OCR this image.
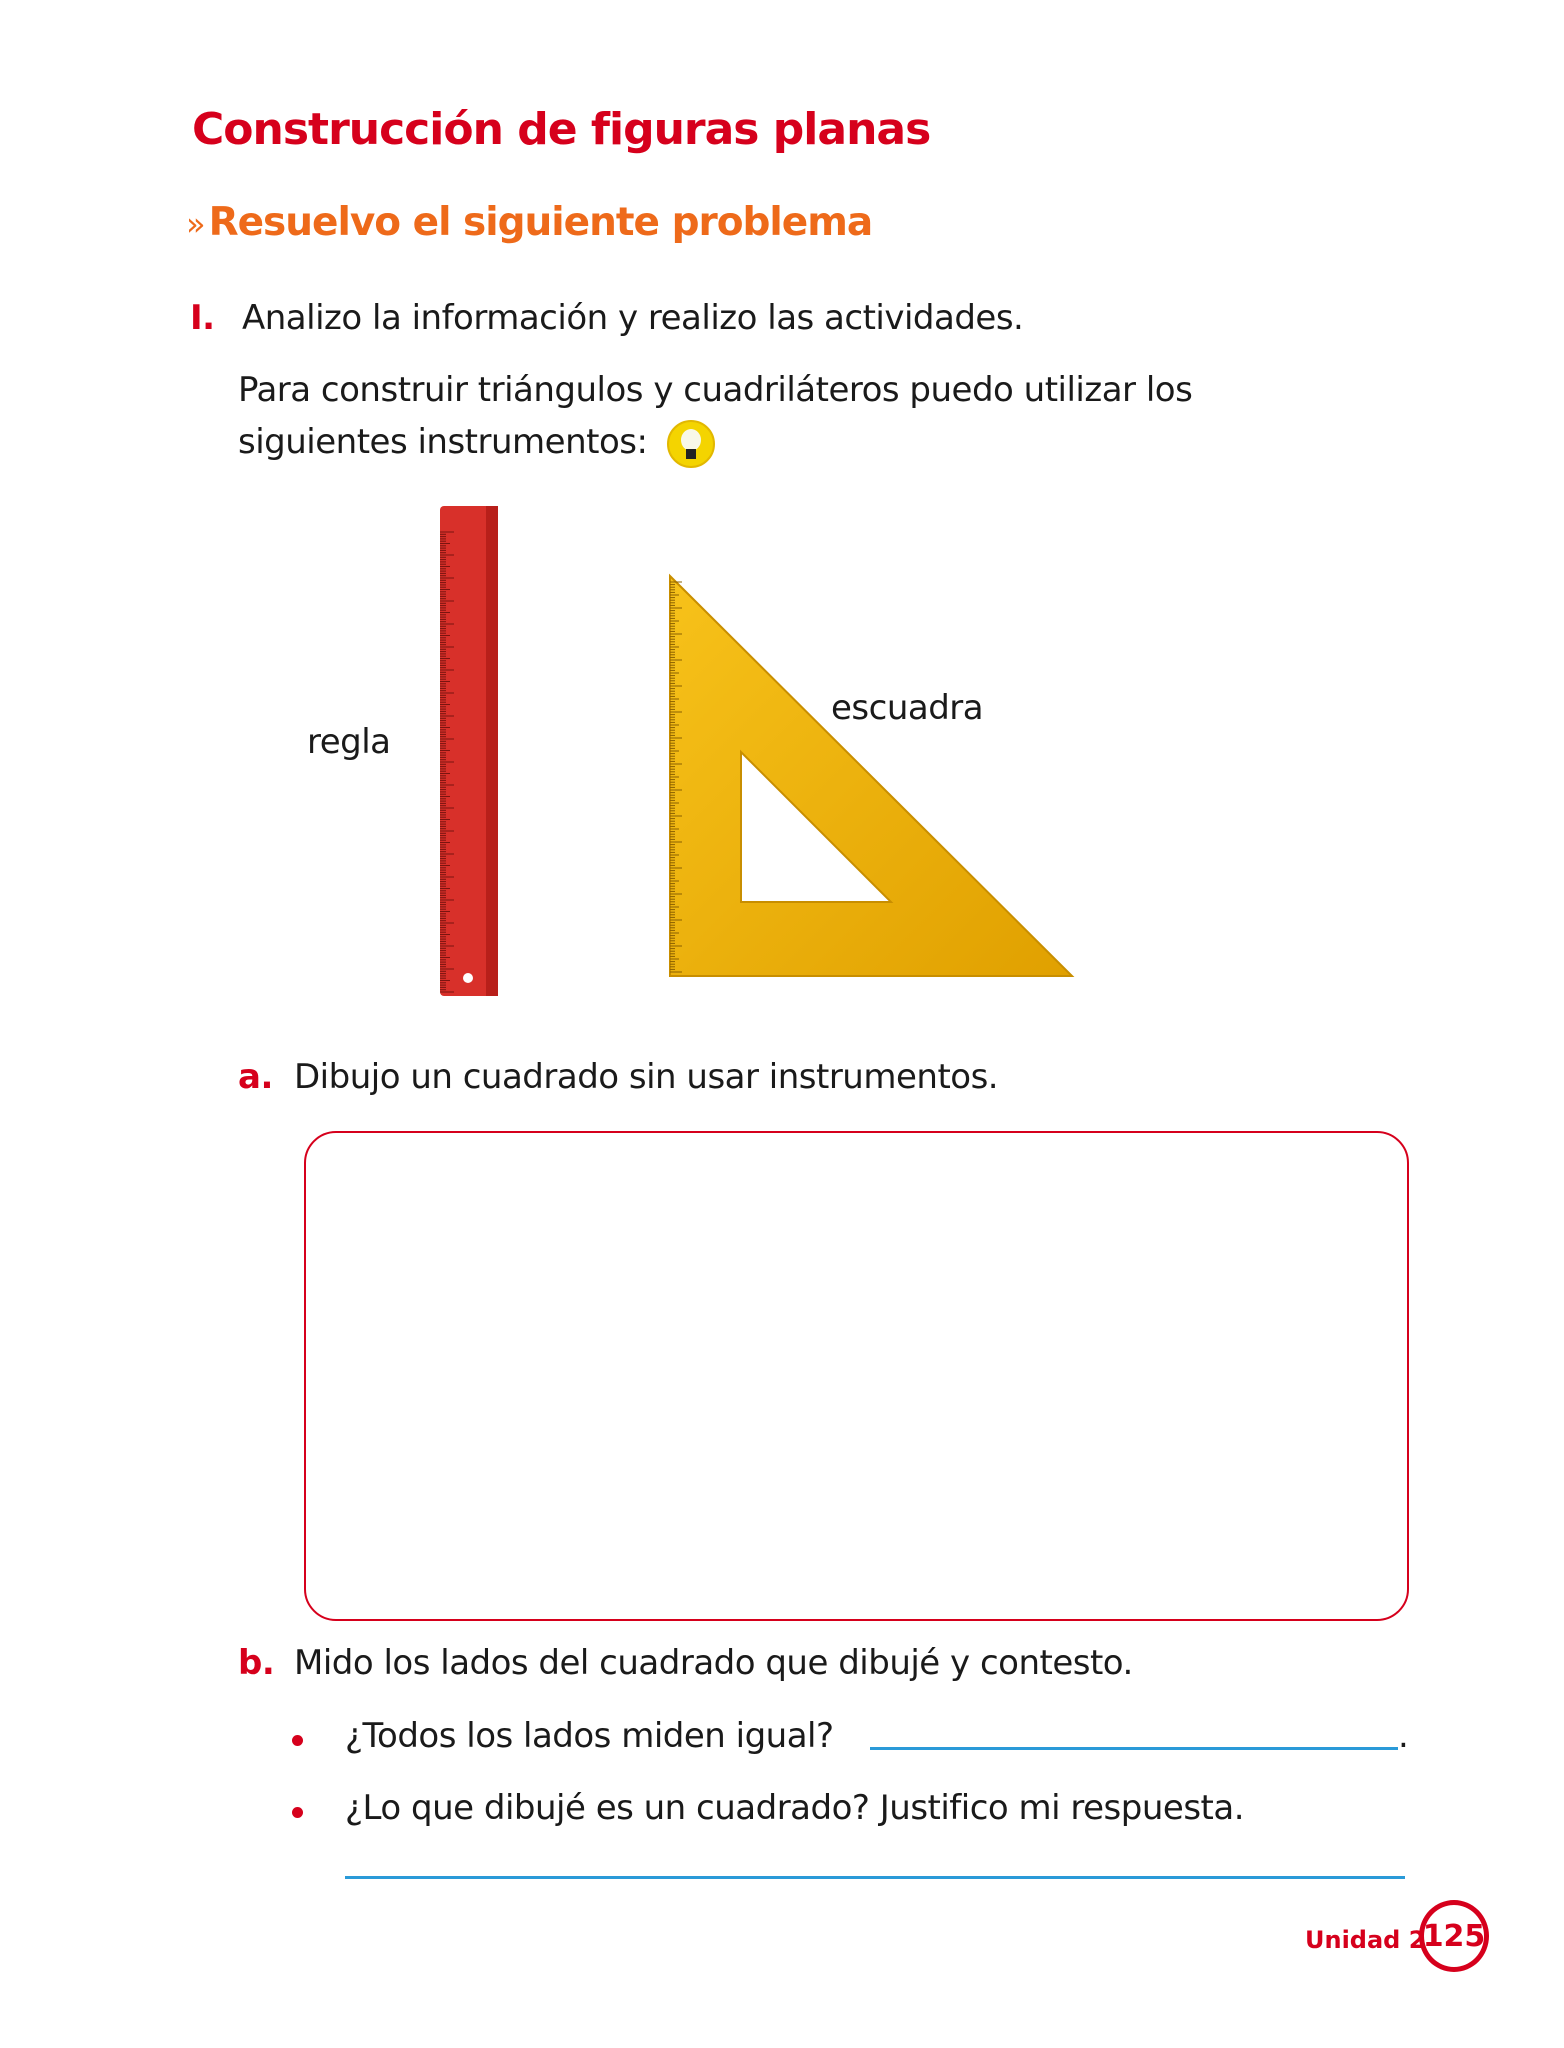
Construcción de figuras planas
» Resuelvo el siguiente problema
I. Analizo la información y realizo las actividades.
Para construir triángulos y cuadriláteros puedo utilizar los
siguientes instrumentos:
regla
escuadra
a. Dibujo un cuadrado sin usar instrumentos.
b. Mido los lados del cuadrado que dibujé y contesto.
¿Todos los lados miden igual?	.
¿Lo que dibujé es un cuadrado? Justifico mi respuesta.
Unidad 2
125
